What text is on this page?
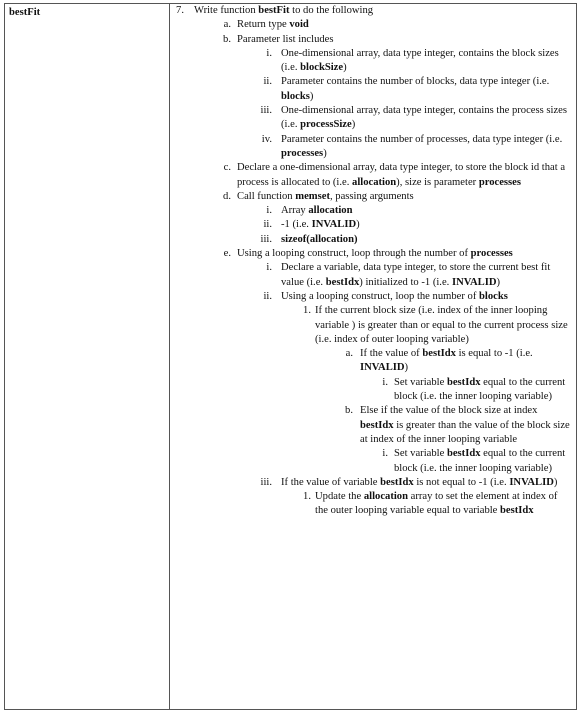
bestFit	7. Write function bestFit to do the following
a. Return type void
b. Parameter list includes
i. One-dimensional array, data type integer, contains the block sizes (i.e. blockSize)
ii. Parameter contains the number of blocks, data type integer (i.e. blocks)
iii. One-dimensional array, data type integer, contains the process sizes (i.e. processSize)
iv. Parameter contains the number of processes, data type integer (i.e. processes)
c. Declare a one-dimensional array, data type integer, to store the block id that a process is allocated to (i.e. allocation), size is parameter processes
d. Call function memset, passing arguments
i. Array allocation
ii. -1 (i.e. INVALID)
iii. sizeof(allocation)
e. Using a looping construct, loop through the number of processes
i. Declare a variable, data type integer, to store the current best fit value (i.e. bestIdx) initialized to -1 (i.e. INVALID)
ii. Using a looping construct, loop the number of blocks
1. If the current block size (i.e. index of the inner looping variable ) is greater than or equal to the current process size (i.e. index of outer looping variable)
a. If the value of bestIdx is equal to -1 (i.e. INVALID)
i. Set variable bestIdx equal to the current block (i.e. the inner looping variable)
b. Else if the value of the block size at index bestIdx is greater than the value of the block size at index of the inner looping variable
i. Set variable bestIdx equal to the current block (i.e. the inner looping variable)
iii. If the value of variable bestIdx is not equal to -1 (i.e. INVALID)
1. Update the allocation array to set the element at index of the outer looping variable equal to variable bestIdx
